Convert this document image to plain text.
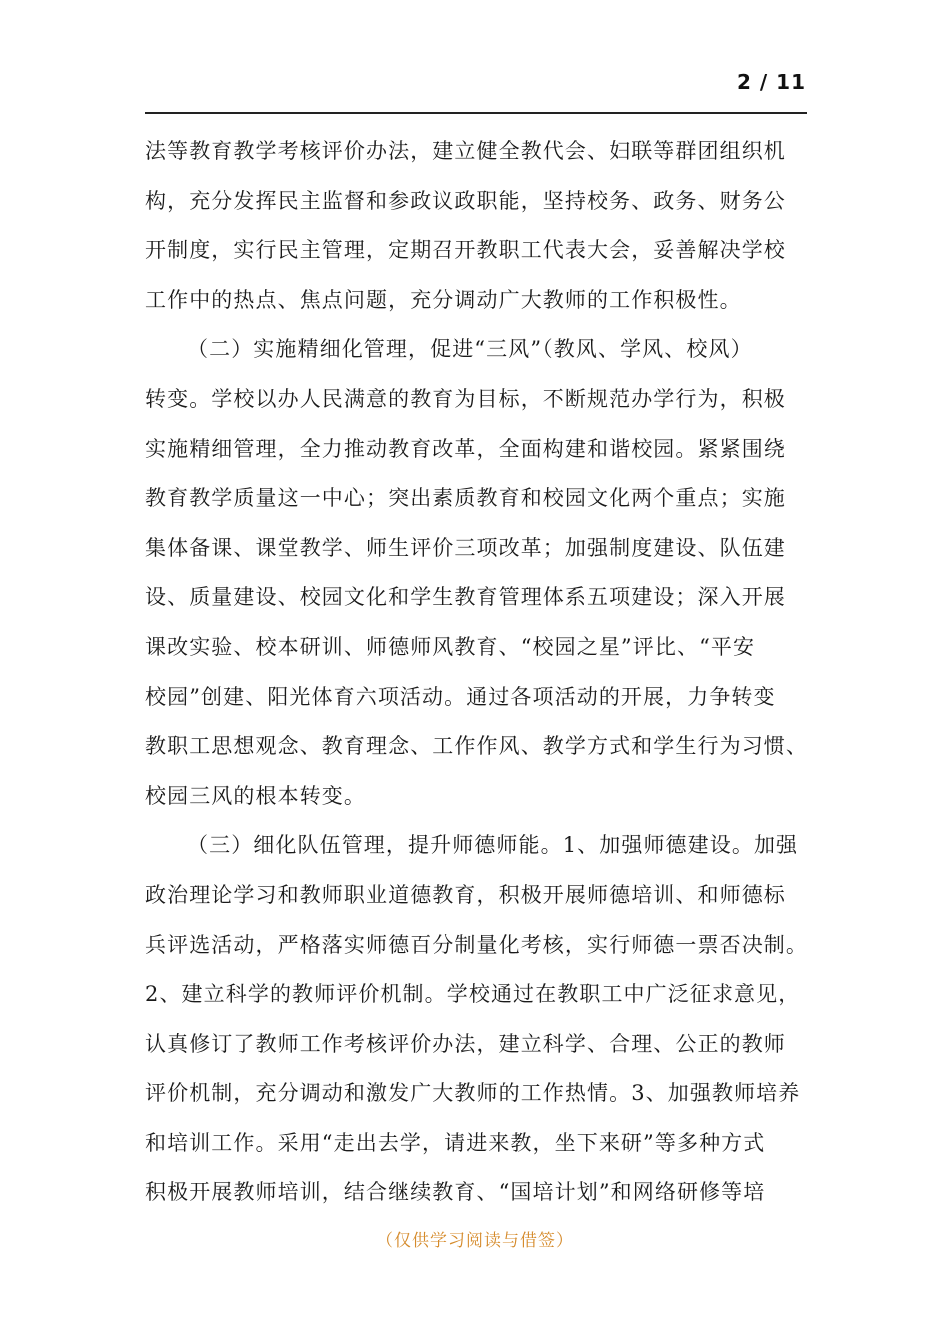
2 / 11
法等教育教学考核评价办法，建立健全教代会、妇联等群团组织机
构，充分发挥民主监督和参政议政职能，坚持校务、政务、财务公
开制度，实行民主管理，定期召开教职工代表大会，妥善解决学校
工作中的热点、焦点问题，充分调动广大教师的工作积极性。
（二）实施精细化管理，促进“三风”（教风、学风、校风）
转变。学校以办人民满意的教育为目标，不断规范办学行为，积极
实施精细管理，全力推动教育改革，全面构建和谐校园。紧紧围绕
教育教学质量这一中心；突出素质教育和校园文化两个重点；实施
集体备课、课堂教学、师生评价三项改革；加强制度建设、队伍建
设、质量建设、校园文化和学生教育管理体系五项建设；深入开展
课改实验、校本研训、师德师风教育、“校园之星”评比、“平安
校园”创建、阳光体育六项活动。通过各项活动的开展，力争转变
教职工思想观念、教育理念、工作作风、教学方式和学生行为习惯、
校园三风的根本转变。
（三）细化队伍管理，提升师德师能。1、加强师德建设。加强
政治理论学习和教师职业道德教育，积极开展师德培训、和师德标
兵评选活动，严格落实师德百分制量化考核，实行师德一票否决制。
2、建立科学的教师评价机制。学校通过在教职工中广泛征求意见，
认真修订了教师工作考核评价办法，建立科学、合理、公正的教师
评价机制，充分调动和激发广大教师的工作热情。3、加强教师培养
和培训工作。采用“走出去学，请进来教，坐下来研”等多种方式
积极开展教师培训，结合继续教育、“国培计划”和网络研修等培
（仅供学习阅读与借签）
